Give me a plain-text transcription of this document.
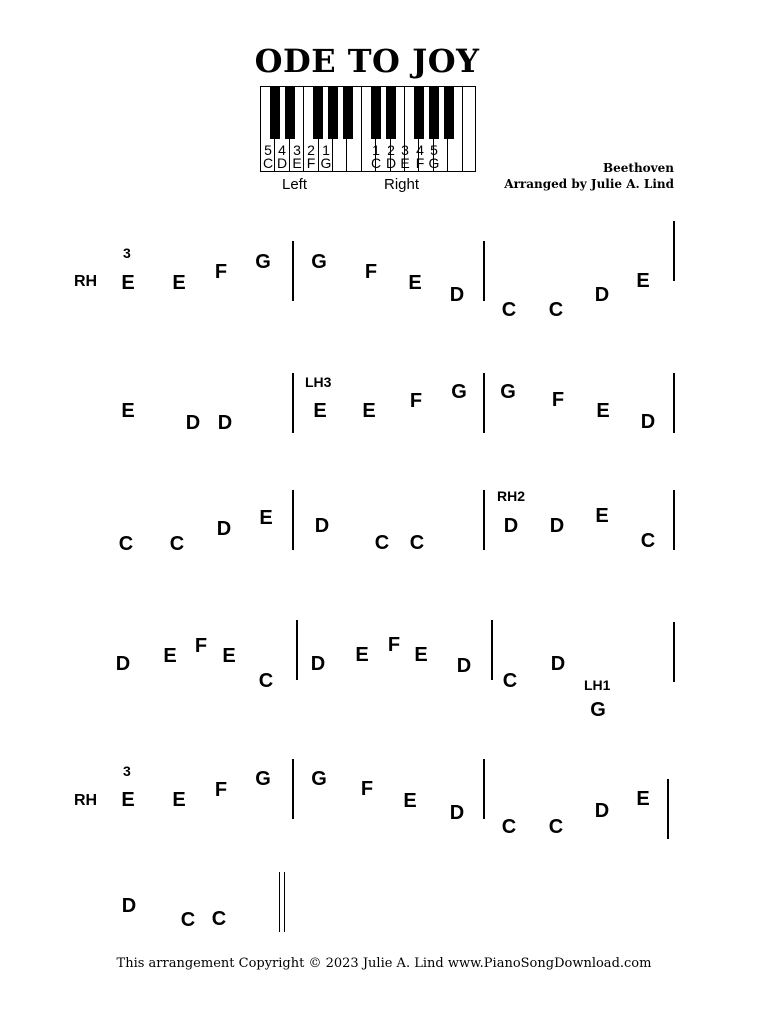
ODE TO JOY
Middle
5 4 3 2 1
C D E F G
1 2 3 4 5
C D E F G
Left	Right
Beethoven
Arranged by Julie A. Lind
RH
3
E E F G G F E
D
C C
D
E
E
D D
LH3
E E F G G F E D
C C
D E D
C C
RH2
D D E
C
D E F E
C
D E F E D
C
D
LH1
G
RH
3
E E F G G F
E
D
C C
D
E
D
C C
This arrangement Copyright © 2023 Julie A. Lind www.PianoSongDownload.com
